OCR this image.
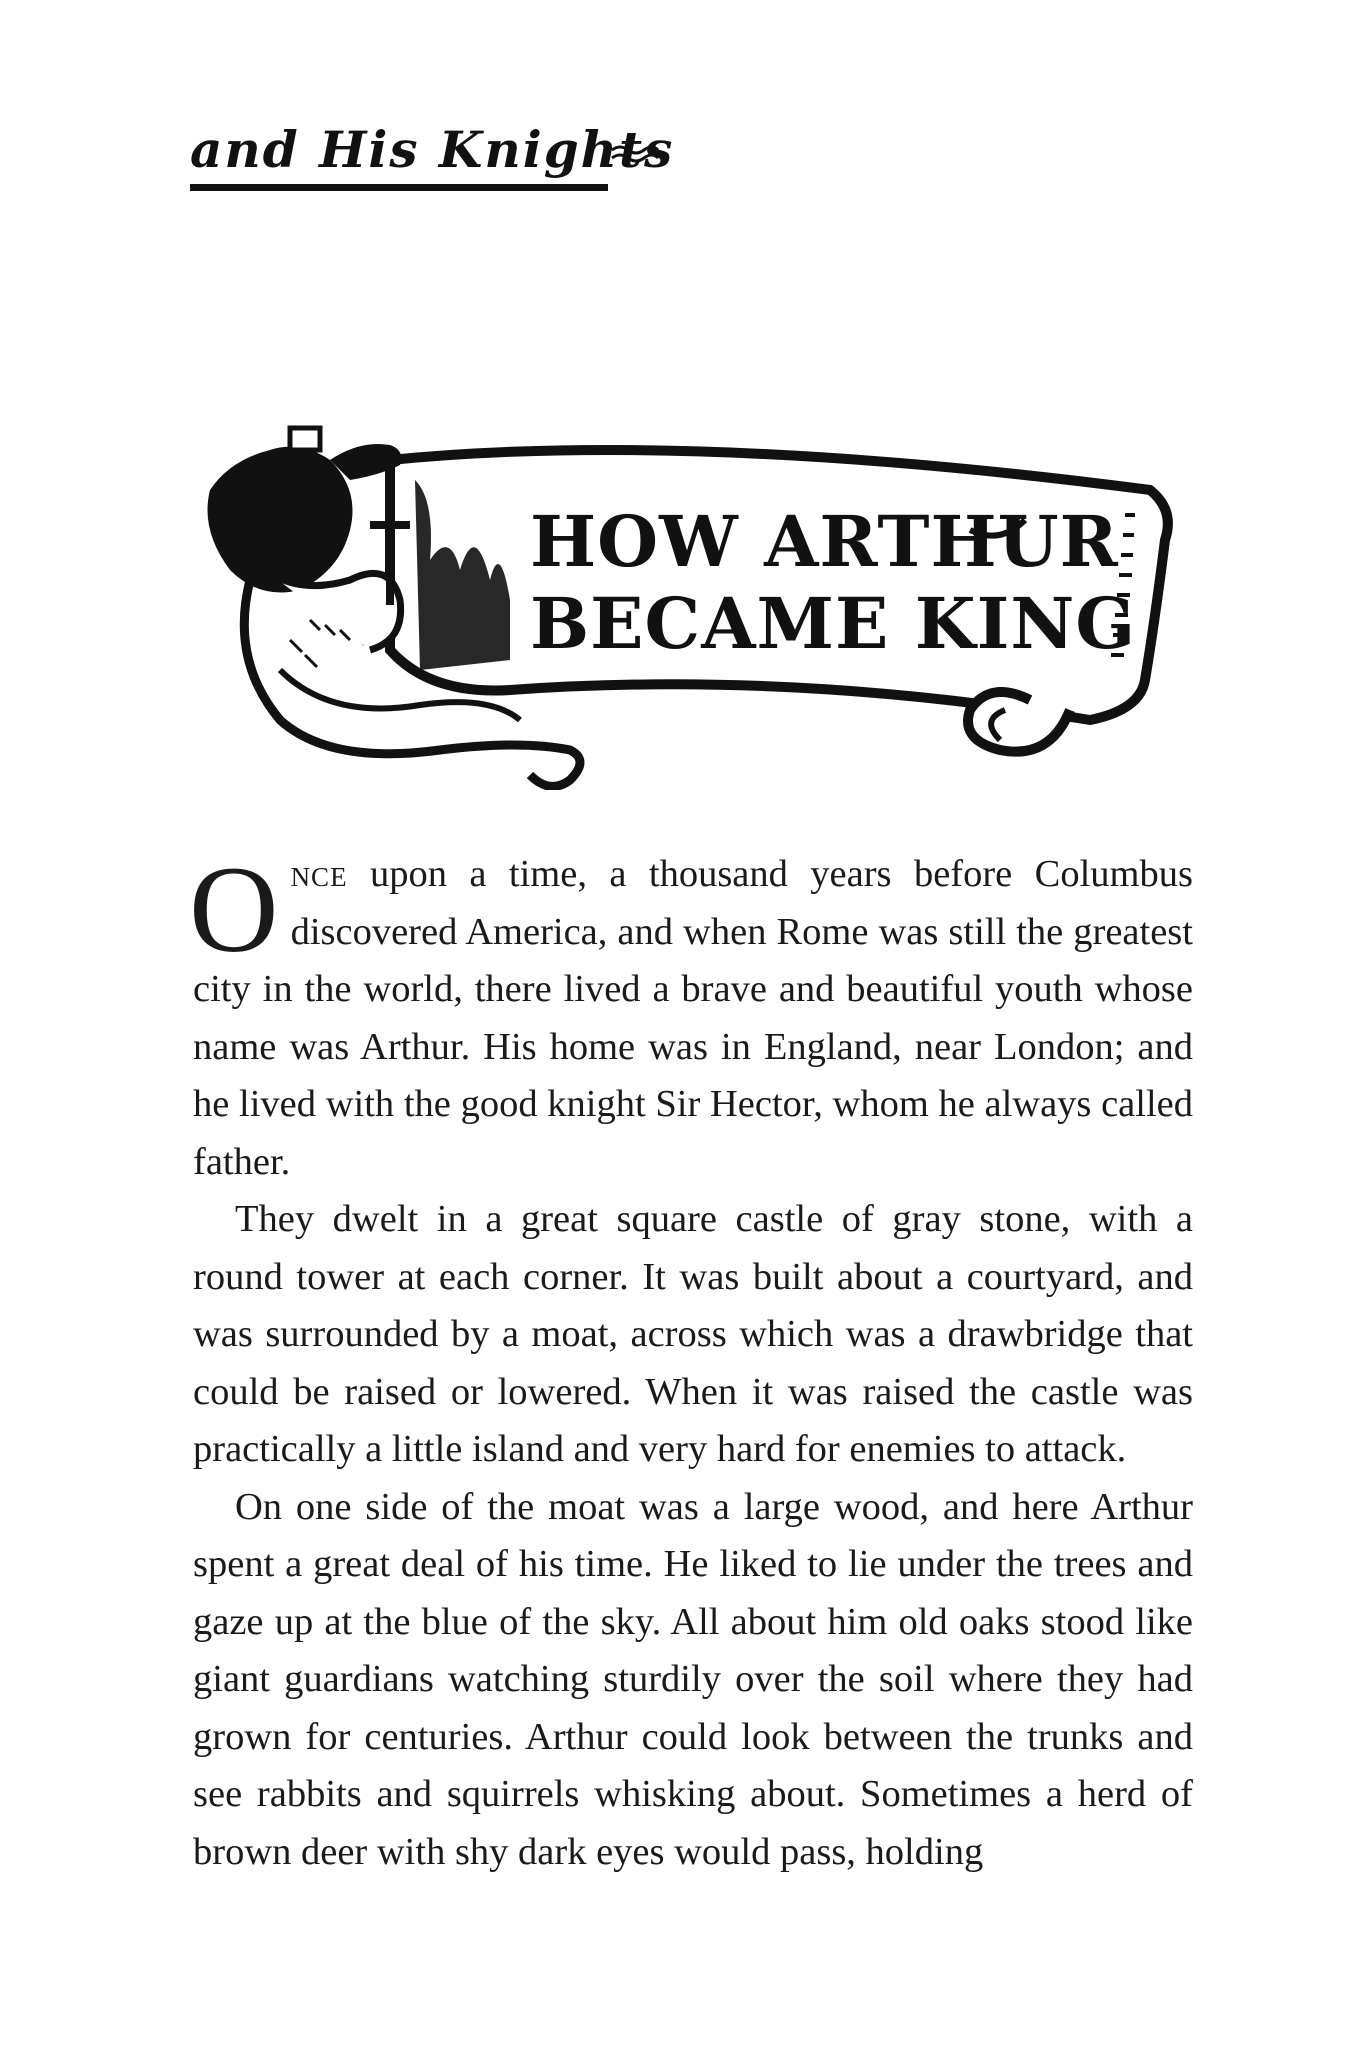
and His Knights
HOW ARTHUR
BECAME KING

Once upon a time, a thousand years before Columbus discovered America, and when Rome was still the greatest city in the world, there lived a brave and beautiful youth whose name was Arthur. His home was in England, near London; and he lived with the good knight Sir Hector, whom he always called father.

They dwelt in a great square castle of gray stone, with a round tower at each corner. It was built about a courtyard, and was surrounded by a moat, across which was a drawbridge that could be raised or lowered. When it was raised the castle was practically a little island and very hard for enemies to attack.

On one side of the moat was a large wood, and here Arthur spent a great deal of his time. He liked to lie under the trees and gaze up at the blue of the sky. All about him old oaks stood like giant guardians watching sturdily over the soil where they had grown for centuries. Arthur could look between the trunks and see rabbits and squirrels whisking about. Sometimes a herd of brown deer with shy dark eyes would pass, holding
